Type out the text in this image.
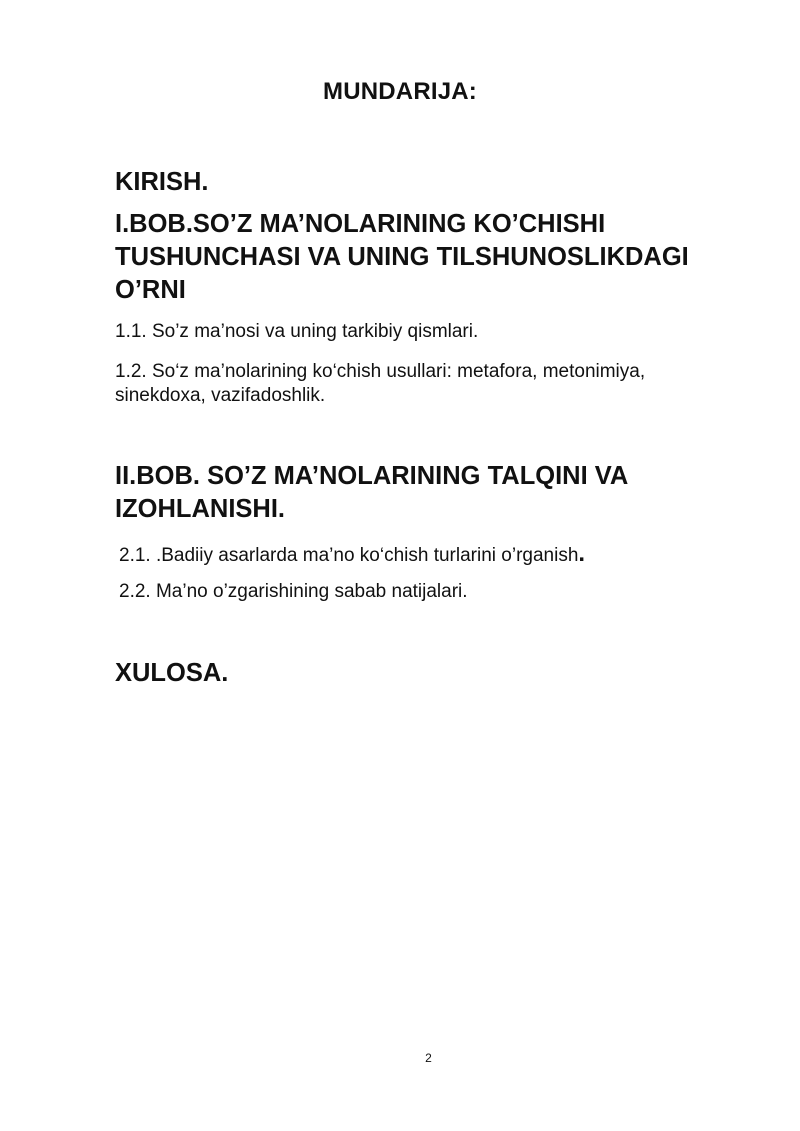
MUNDARIJA:
KIRISH.
I.BOB.SO’Z MA’NOLARINING KO’CHISHI TUSHUNCHASI VA UNING TILSHUNOSLIKDAGI O’RNI
1.1. So’z ma’nosi va uning tarkibiy qismlari.
1.2. So‘z ma’nolarining ko‘chish usullari: metafora, metonimiya, sinekdoxa, vazifadoshlik.
II.BOB. SO’Z MA’NOLARINING TALQINI VA IZOHLANISHI.
2.1. .Badiiy asarlarda ma’no ko‘chish turlarini o’rganish.
2.2. Ma’no o’zgarishining sabab natijalari.
XULOSA.
2
